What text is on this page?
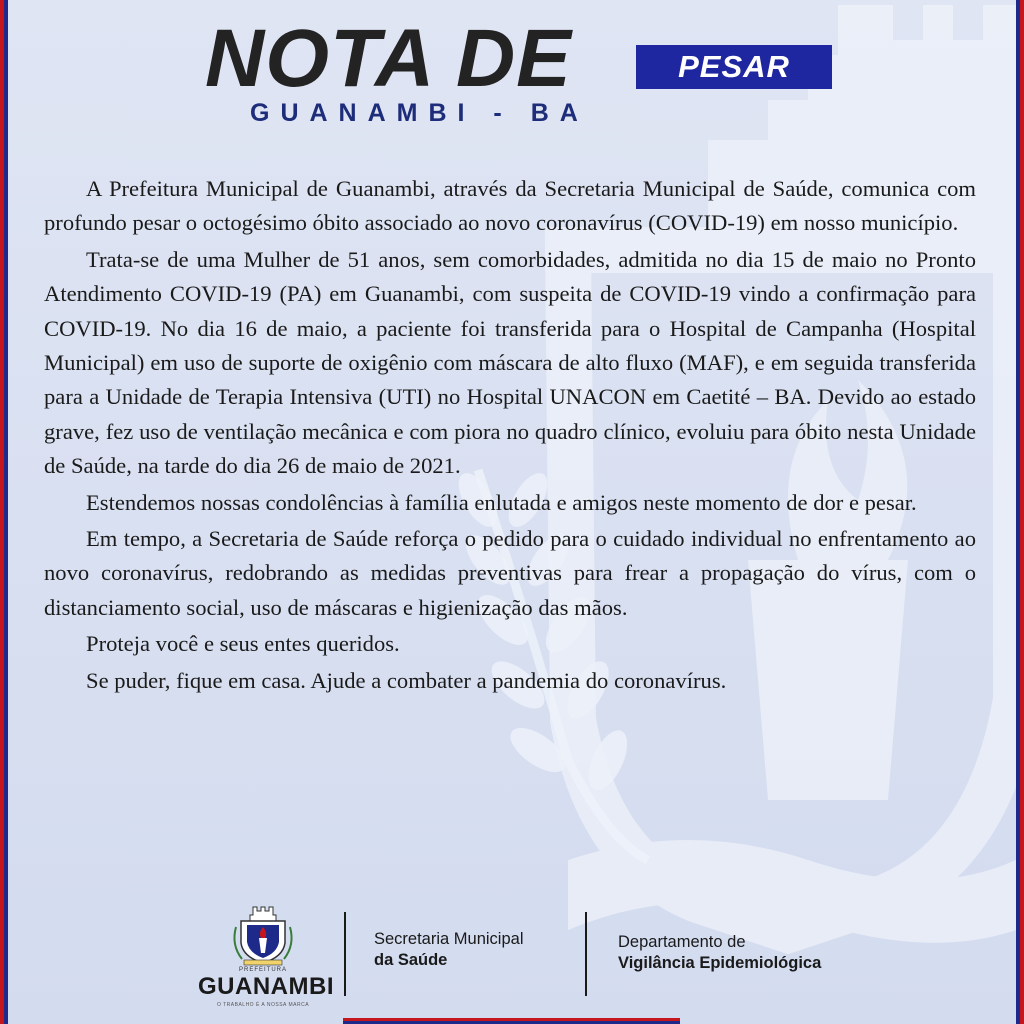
NOTA DE	PESAR
GUANAMBI - BA

A Prefeitura Municipal de Guanambi, através da Secretaria Municipal de Saúde, comunica com profundo pesar o octogésimo óbito associado ao novo coronavírus (COVID-19) em nosso município.

Trata-se de uma Mulher de 51 anos, sem comorbidades, admitida no dia 15 de maio no Pronto Atendimento COVID-19 (PA) em Guanambi, com suspeita de COVID-19 vindo a confirmação para COVID-19. No dia 16 de maio, a paciente foi transferida para o Hospital de Campanha (Hospital Municipal) em uso de suporte de oxigênio com máscara de alto fluxo (MAF), e em seguida transferida para a Unidade de Terapia Intensiva (UTI) no Hospital UNACON em Caetité – BA. Devido ao estado grave, fez uso de ventilação mecânica e com piora no quadro clínico, evoluiu para óbito nesta Unidade de Saúde, na tarde do dia 26 de maio de 2021.

Estendemos nossas condolências à família enlutada e amigos neste momento de dor e pesar.

Em tempo, a Secretaria de Saúde reforça o pedido para o cuidado individual no enfrentamento ao novo coronavírus, redobrando as medidas preventivas para frear a propagação do vírus, com o distanciamento social, uso de máscaras e higienização das mãos.

Proteja você e seus entes queridos.

Se puder, fique em casa. Ajude a combater a pandemia do coronavírus.

PREFEITURA
GUANAMBI
O TRABALHO É A NOSSA MARCA
Secretaria Municipal
da Saúde
Departamento de
Vigilância Epidemiológica
